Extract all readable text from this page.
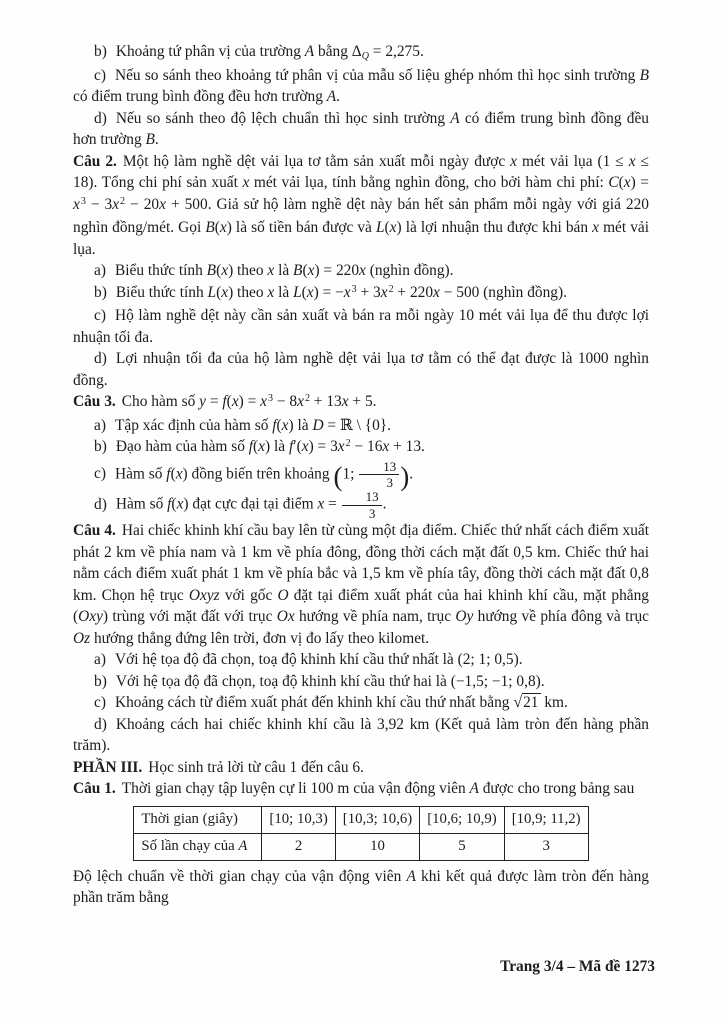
b) Khoảng tứ phân vị của trường A bằng ΔQ = 2,275.

c) Nếu so sánh theo khoảng tứ phân vị của mẫu số liệu ghép nhóm thì học sinh trường B có điểm trung bình đồng đều hơn trường A.

d) Nếu so sánh theo độ lệch chuẩn thì học sinh trường A có điểm trung bình đồng đều hơn trường B.

Câu 2. Một hộ làm nghề dệt vải lụa tơ tằm sản xuất mỗi ngày được x mét vải lụa (1 ≤ x ≤ 18). Tổng chi phí sản xuất x mét vải lụa, tính bằng nghìn đồng, cho bởi hàm chi phí: $C(x) = x^3 - 3x^2 - 20x + 500$. Giả sử hộ làm nghề dệt này bán hết sản phẩm mỗi ngày với giá 220 nghìn đồng/mét. Gọi B(x) là số tiền bán được và L(x) là lợi nhuận thu được khi bán x mét vải lụa.

a) Biểu thức tính B(x) theo x là B(x) = 220x (nghìn đồng).

b) Biểu thức tính L(x) theo x là $L(x) = -x^3 + 3x^2 + 220x - 500$ (nghìn đồng).

c) Hộ làm nghề dệt này cần sản xuất và bán ra mỗi ngày 10 mét vải lụa để thu được lợi nhuận tối đa.

d) Lợi nhuận tối đa của hộ làm nghề dệt vải lụa tơ tằm có thể đạt được là 1000 nghìn đồng.

Câu 3. Cho hàm số $y = f(x) = x^3 - 8x^2 + 13x + 5$.

a) Tập xác định của hàm số f(x) là D = ℝ \ {0}.

b) Đạo hàm của hàm số f(x) là $f'(x) = 3x^2 - 16x + 13$.

c) Hàm số f(x) đồng biến trên khoảng (1; $\frac{13}{3}$ ).

d) Hàm số f(x) đạt cực đại tại điểm $x = \frac{13}{3}$ .

Câu 4. Hai chiếc khinh khí cầu bay lên từ cùng một địa điểm. Chiếc thứ nhất cách điểm xuất phát 2 km về phía nam và 1 km về phía đông, đồng thời cách mặt đất 0,5 km. Chiếc thứ hai nằm cách điểm xuất phát 1 km về phía bắc và 1,5 km về phía tây, đồng thời cách mặt đất 0,8 km. Chọn hệ trục Oxyz với gốc O đặt tại điểm xuất phát của hai khinh khí cầu, mặt phẳng (Oxy) trùng với mặt đất với trục Ox hướng về phía nam, trục Oy hướng về phía đông và trục Oz hướng thẳng đứng lên trời, đơn vị đo lấy theo kilomet.

a) Với hệ tọa độ đã chọn, toạ độ khinh khí cầu thứ nhất là (2; 1; 0,5).

b) Với hệ tọa độ đã chọn, toạ độ khinh khí cầu thứ hai là (−1,5; −1; 0,8).

c) Khoảng cách từ điểm xuất phát đến khinh khí cầu thứ nhất bằng √21 km.

d) Khoảng cách hai chiếc khinh khí cầu là 3,92 km (Kết quả làm tròn đến hàng phần trăm).

PHẦN III. Học sinh trả lời từ câu 1 đến câu 6.

Câu 1. Thời gian chạy tập luyện cự li 100 m của vận động viên A được cho trong bảng sau

Thời gian (giây)	[10; 10,3)	[10,3; 10,6)	[10,6; 10,9)	[10,9; 11,2)
Số lần chạy của A	2	10	5	3

Độ lệch chuẩn về thời gian chạy của vận động viên A khi kết quả được làm tròn đến hàng phần trăm bằng

Trang 3/4 – Mã đề 1273
